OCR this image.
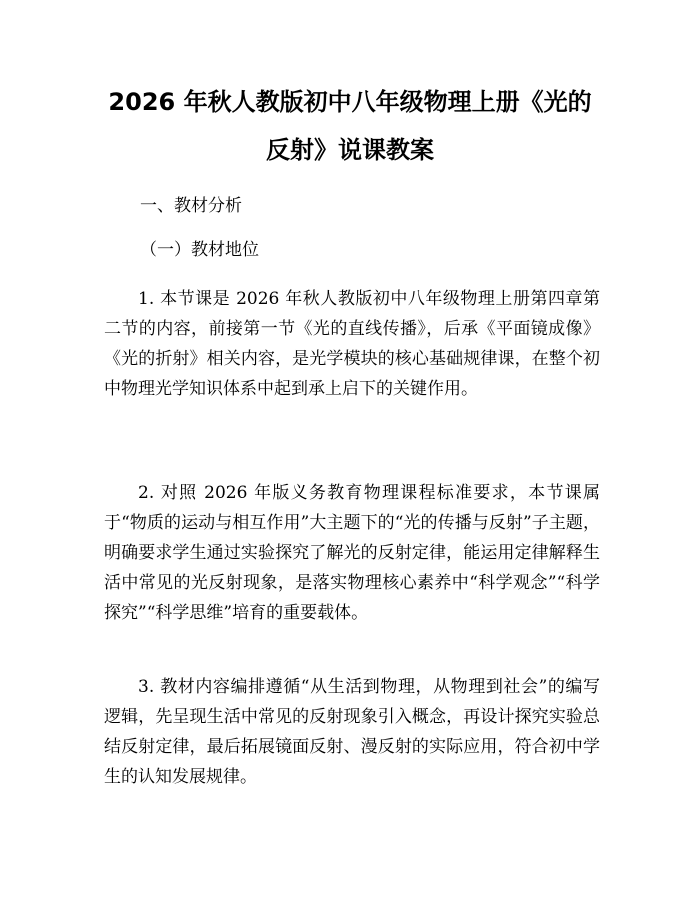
2026 年秋人教版初中八年级物理上册《光的
反射》说课教案

一、教材分析

（一）教材地位

1. 本节课是 2026 年秋人教版初中八年级物理上册第四章第二节的内容，前接第一节《光的直线传播》，后承《平面镜成像》《光的折射》相关内容，是光学模块的核心基础规律课，在整个初中物理光学知识体系中起到承上启下的关键作用。

2. 对照 2026 年版义务教育物理课程标准要求，本节课属于“物质的运动与相互作用”大主题下的“光的传播与反射”子主题，明确要求学生通过实验探究了解光的反射定律，能运用定律解释生活中常见的光反射现象，是落实物理核心素养中“科学观念”“科学探究”“科学思维”培育的重要载体。

3. 教材内容编排遵循“从生活到物理，从物理到社会”的编写逻辑，先呈现生活中常见的反射现象引入概念，再设计探究实验总结反射定律，最后拓展镜面反射、漫反射的实际应用，符合初中学生的认知发展规律。
